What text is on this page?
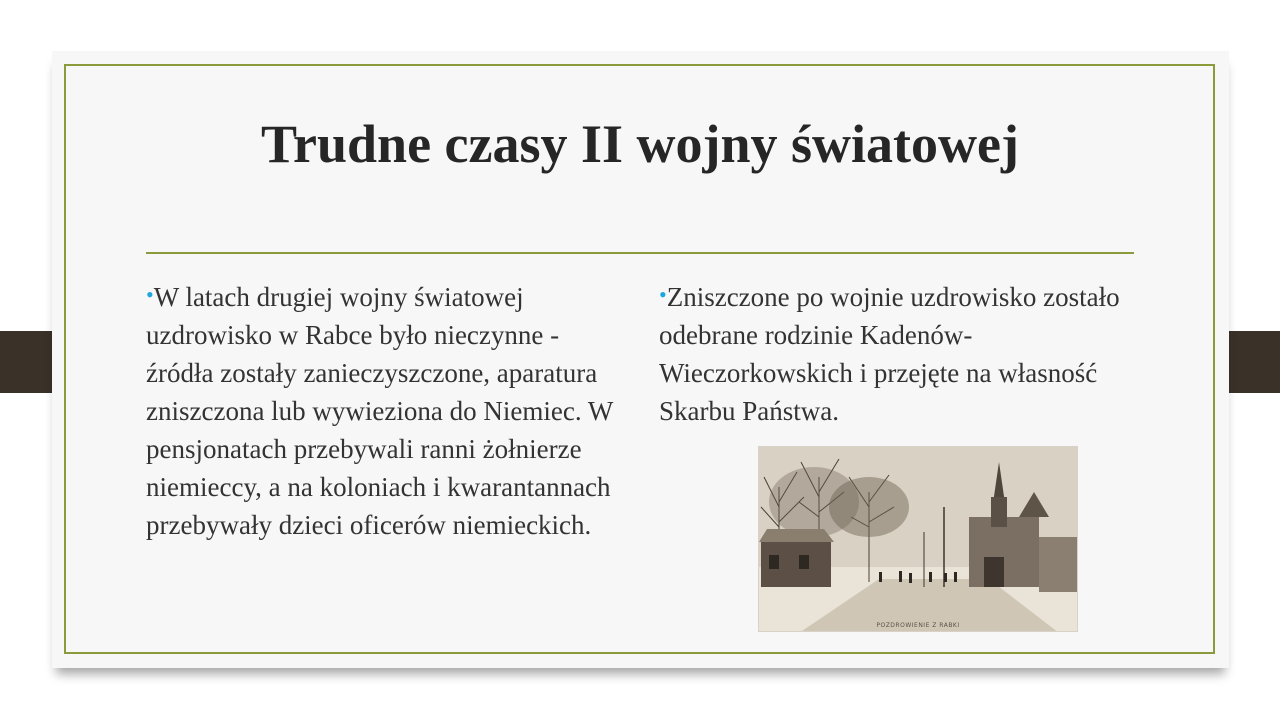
Trudne czasy II wojny światowej

•W latach drugiej wojny światowej uzdrowisko w Rabce było nieczynne - źródła zostały zanieczyszczone, aparatura zniszczona lub wywieziona do Niemiec. W pensjonatach przebywali ranni żołnierze niemieccy, a na koloniach i kwarantannach przebywały dzieci oficerów niemieckich.

•Zniszczone po wojnie uzdrowisko zostało odebrane rodzinie Kadenów-Wieczorkowskich i przejęte na własność Skarbu Państwa.

POZDROWIENIE Z RABKI
